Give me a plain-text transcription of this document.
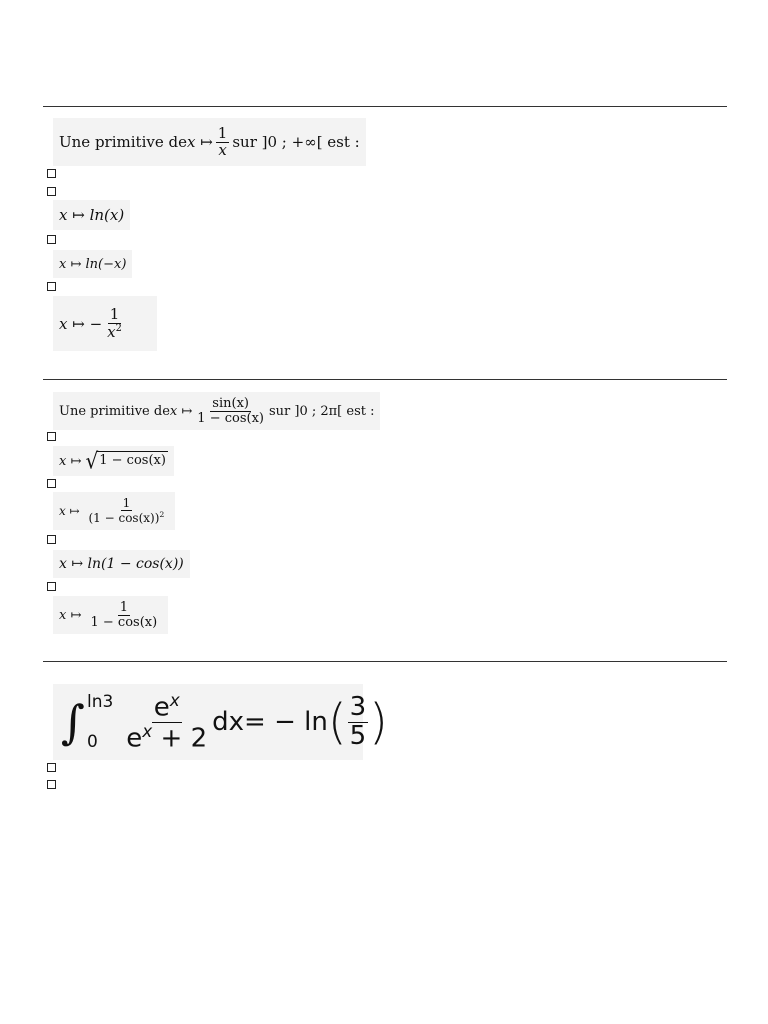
Une primitive de x
↦ $\frac{1}{x}$ sur ]0 ; +∞[ est :
x ↦ ln(x)
x ↦ ln(−x)
x ↦ − $\frac{1}{x^2}$
Une primitive de x
↦ $\frac{\sin(x)}{1 - \cos(x)}$ sur ]0 ; 2π[ est :
x ↦
√ 1 − cos(x)
x ↦
$\frac{1}{(1 - \cos(x))^2}$
x ↦ ln(1 − cos(x))
x ↦
$\frac{1}{1 - \cos(x)}$
∫ ln3
0	$\frac{e^x}{e^x + 2}$ dx = − ln ( $\frac{3}{5}$ )
